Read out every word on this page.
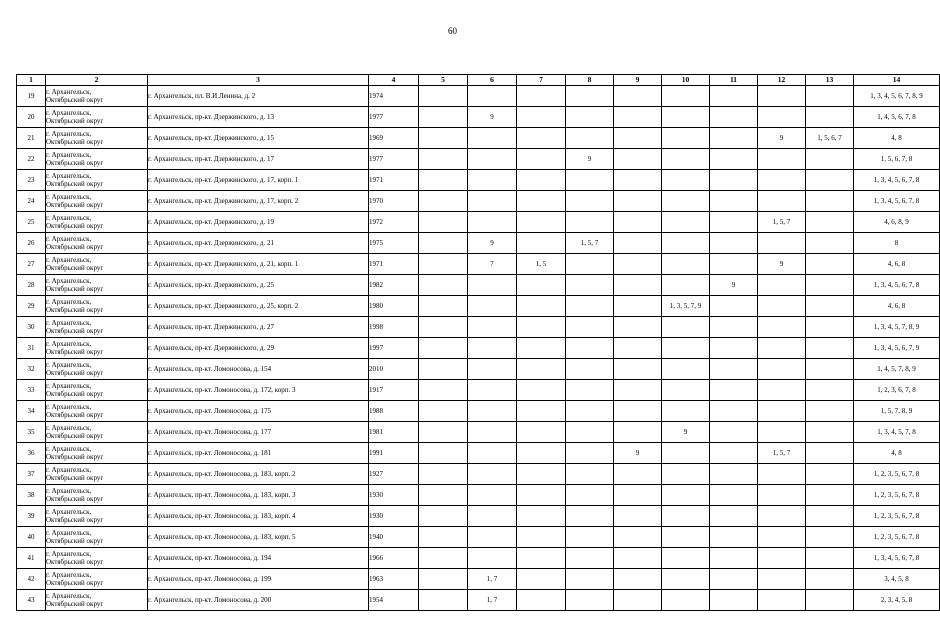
60
1	2	3	4	5	6	7	8	9	10	11	12	13	14
19	г. Архангельск,
Октябрьский округ	г. Архангельск, пл. В.И.Ленина, д. 2	1974										1, 3, 4, 5, 6, 7, 8, 9
20	г. Архангельск,
Октябрьский округ	г. Архангельск, пр-кт. Дзержинского, д. 13	1977		9								1, 4, 5, 6, 7, 8
21	г. Архангельск,
Октябрьский округ	г. Архангельск, пр-кт. Дзержинского, д. 15	1969								9	1, 5, 6, 7	4, 8
22	г. Архангельск,
Октябрьский округ	г. Архангельск, пр-кт. Дзержинского, д. 17	1977				9						1, 5, 6, 7, 8
23	г. Архангельск,
Октябрьский округ	г. Архангельск, пр-кт. Дзержинского, д. 17, корп. 1	1971										1, 3, 4, 5, 6, 7, 8
24	г. Архангельск,
Октябрьский округ	г. Архангельск, пр-кт. Дзержинского, д. 17, корп. 2	1970										1, 3, 4, 5, 6, 7, 8
25	г. Архангельск,
Октябрьский округ	г. Архангельск, пр-кт. Дзержинского, д. 19	1972								1, 5, 7		4, 6, 8, 9
26	г. Архангельск,
Октябрьский округ	г. Архангельск, пр-кт. Дзержинского, д. 21	1975		9		1, 5, 7						8
27	г. Архангельск,
Октябрьский округ	г. Архангельск, пр-кт. Дзержинского, д. 21, корп. 1	1971		7	1, 5					9		4, 6, 8
28	г. Архангельск,
Октябрьский округ	г. Архангельск, пр-кт. Дзержинского, д. 25	1982							9			1, 3, 4, 5, 6, 7, 8
29	г. Архангельск,
Октябрьский округ	г. Архангельск, пр-кт. Дзержинского, д. 25, корп. 2	1980						1, 3, 5, 7, 9				4, 6, 8
30	г. Архангельск,
Октябрьский округ	г. Архангельск, пр-кт. Дзержинского, д. 27	1998										1, 3, 4, 5, 7, 8, 9
31	г. Архангельск,
Октябрьский округ	г. Архангельск, пр-кт. Дзержинского, д. 29	1997										1, 3, 4, 5, 6, 7, 9
32	г. Архангельск,
Октябрьский округ	г. Архангельск, пр-кт. Ломоносова, д. 154	2010										1, 4, 5, 7, 8, 9
33	г. Архангельск,
Октябрьский округ	г. Архангельск, пр-кт. Ломоносова, д. 172, корп. 3	1917										1, 2, 3, 6, 7, 8
34	г. Архангельск,
Октябрьский округ	г. Архангельск, пр-кт. Ломоносова, д. 175	1988										1, 5, 7, 8, 9
35	г. Архангельск,
Октябрьский округ	г. Архангельск, пр-кт. Ломоносова, д. 177	1981						9				1, 3, 4, 5, 7, 8
36	г. Архангельск,
Октябрьский округ	г. Архангельск, пр-кт. Ломоносова, д. 181	1991					9			1, 5, 7		4, 8
37	г. Архангельск,
Октябрьский округ	г. Архангельск, пр-кт. Ломоносова, д. 183, корп. 2	1927										1, 2, 3, 5, 6, 7, 8
38	г. Архангельск,
Октябрьский округ	г. Архангельск, пр-кт. Ломоносова, д. 183, корп. 3	1930										1, 2, 3, 5, 6, 7, 8
39	г. Архангельск,
Октябрьский округ	г. Архангельск, пр-кт. Ломоносова, д. 183, корп. 4	1930										1, 2, 3, 5, 6, 7, 8
40	г. Архангельск,
Октябрьский округ	г. Архангельск, пр-кт. Ломоносова, д. 183, корп. 5	1940										1, 2, 3, 5, 6, 7, 8
41	г. Архангельск,
Октябрьский округ	г. Архангельск, пр-кт. Ломоносова, д. 194	1966										1, 3, 4, 5, 6, 7, 8
42	г. Архангельск,
Октябрьский округ	г. Архангельск, пр-кт. Ломоносова, д. 199	1963		1, 7								3, 4, 5, 8
43	г. Архангельск,
Октябрьский округ	г. Архангельск, пр-кт. Ломоносова, д. 200	1954		1, 7								2, 3, 4, 5, 8
